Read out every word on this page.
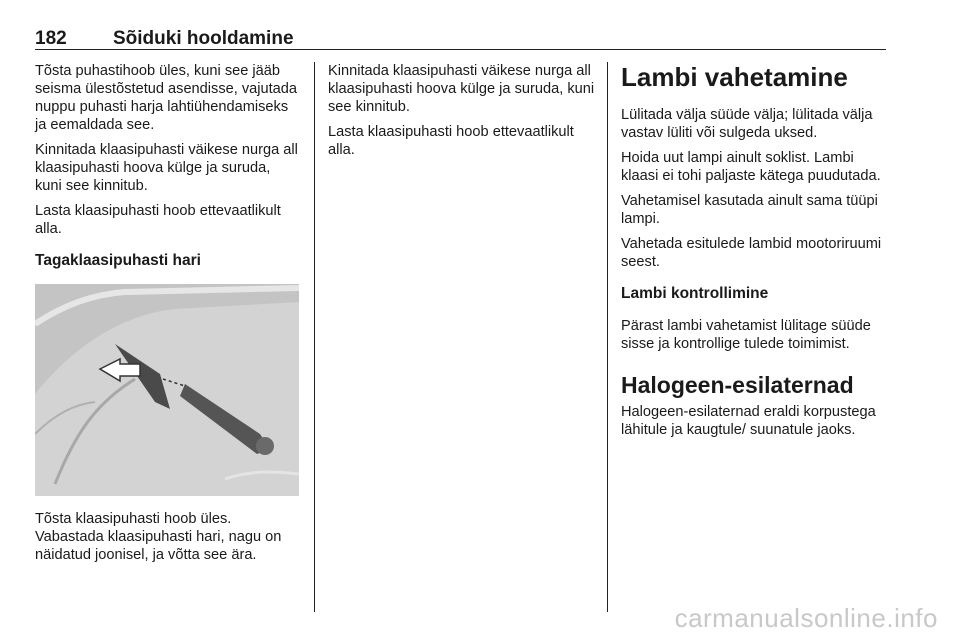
182 Sõiduki hooldamine

Tõsta puhastihoob üles, kuni see jääb seisma ülestõstetud asendisse, vajutada nuppu puhasti harja lahtiühendamiseks ja eemaldada see.

Kinnitada klaasipuhasti väikese nurga all klaasipuhasti hoova külge ja suruda, kuni see kinnitub.

Lasta klaasipuhasti hoob ettevaatlikult alla.

Tagaklaasipuhasti hari

Tõsta klaasipuhasti hoob üles. Vabastada klaasipuhasti hari, nagu on näidatud joonisel, ja võtta see ära.

Kinnitada klaasipuhasti väikese nurga all klaasipuhasti hoova külge ja suruda, kuni see kinnitub.

Lasta klaasipuhasti hoob ettevaatlikult alla.

Lambi vahetamine

Lülitada välja süüde välja; lülitada välja vastav lüliti või sulgeda uksed.

Hoida uut lampi ainult soklist. Lambi klaasi ei tohi paljaste kätega puudutada.

Vahetamisel kasutada ainult sama tüüpi lampi.

Vahetada esitulede lambid mootoriruumi seest.

Lambi kontrollimine

Pärast lambi vahetamist lülitage süüde sisse ja kontrollige tulede toimimist.

Halogeen-esilaternad

Halogeen-esilaternad eraldi korpustega lähitule ja kaugtule/ suunatule jaoks.

carmanualsonline.info
